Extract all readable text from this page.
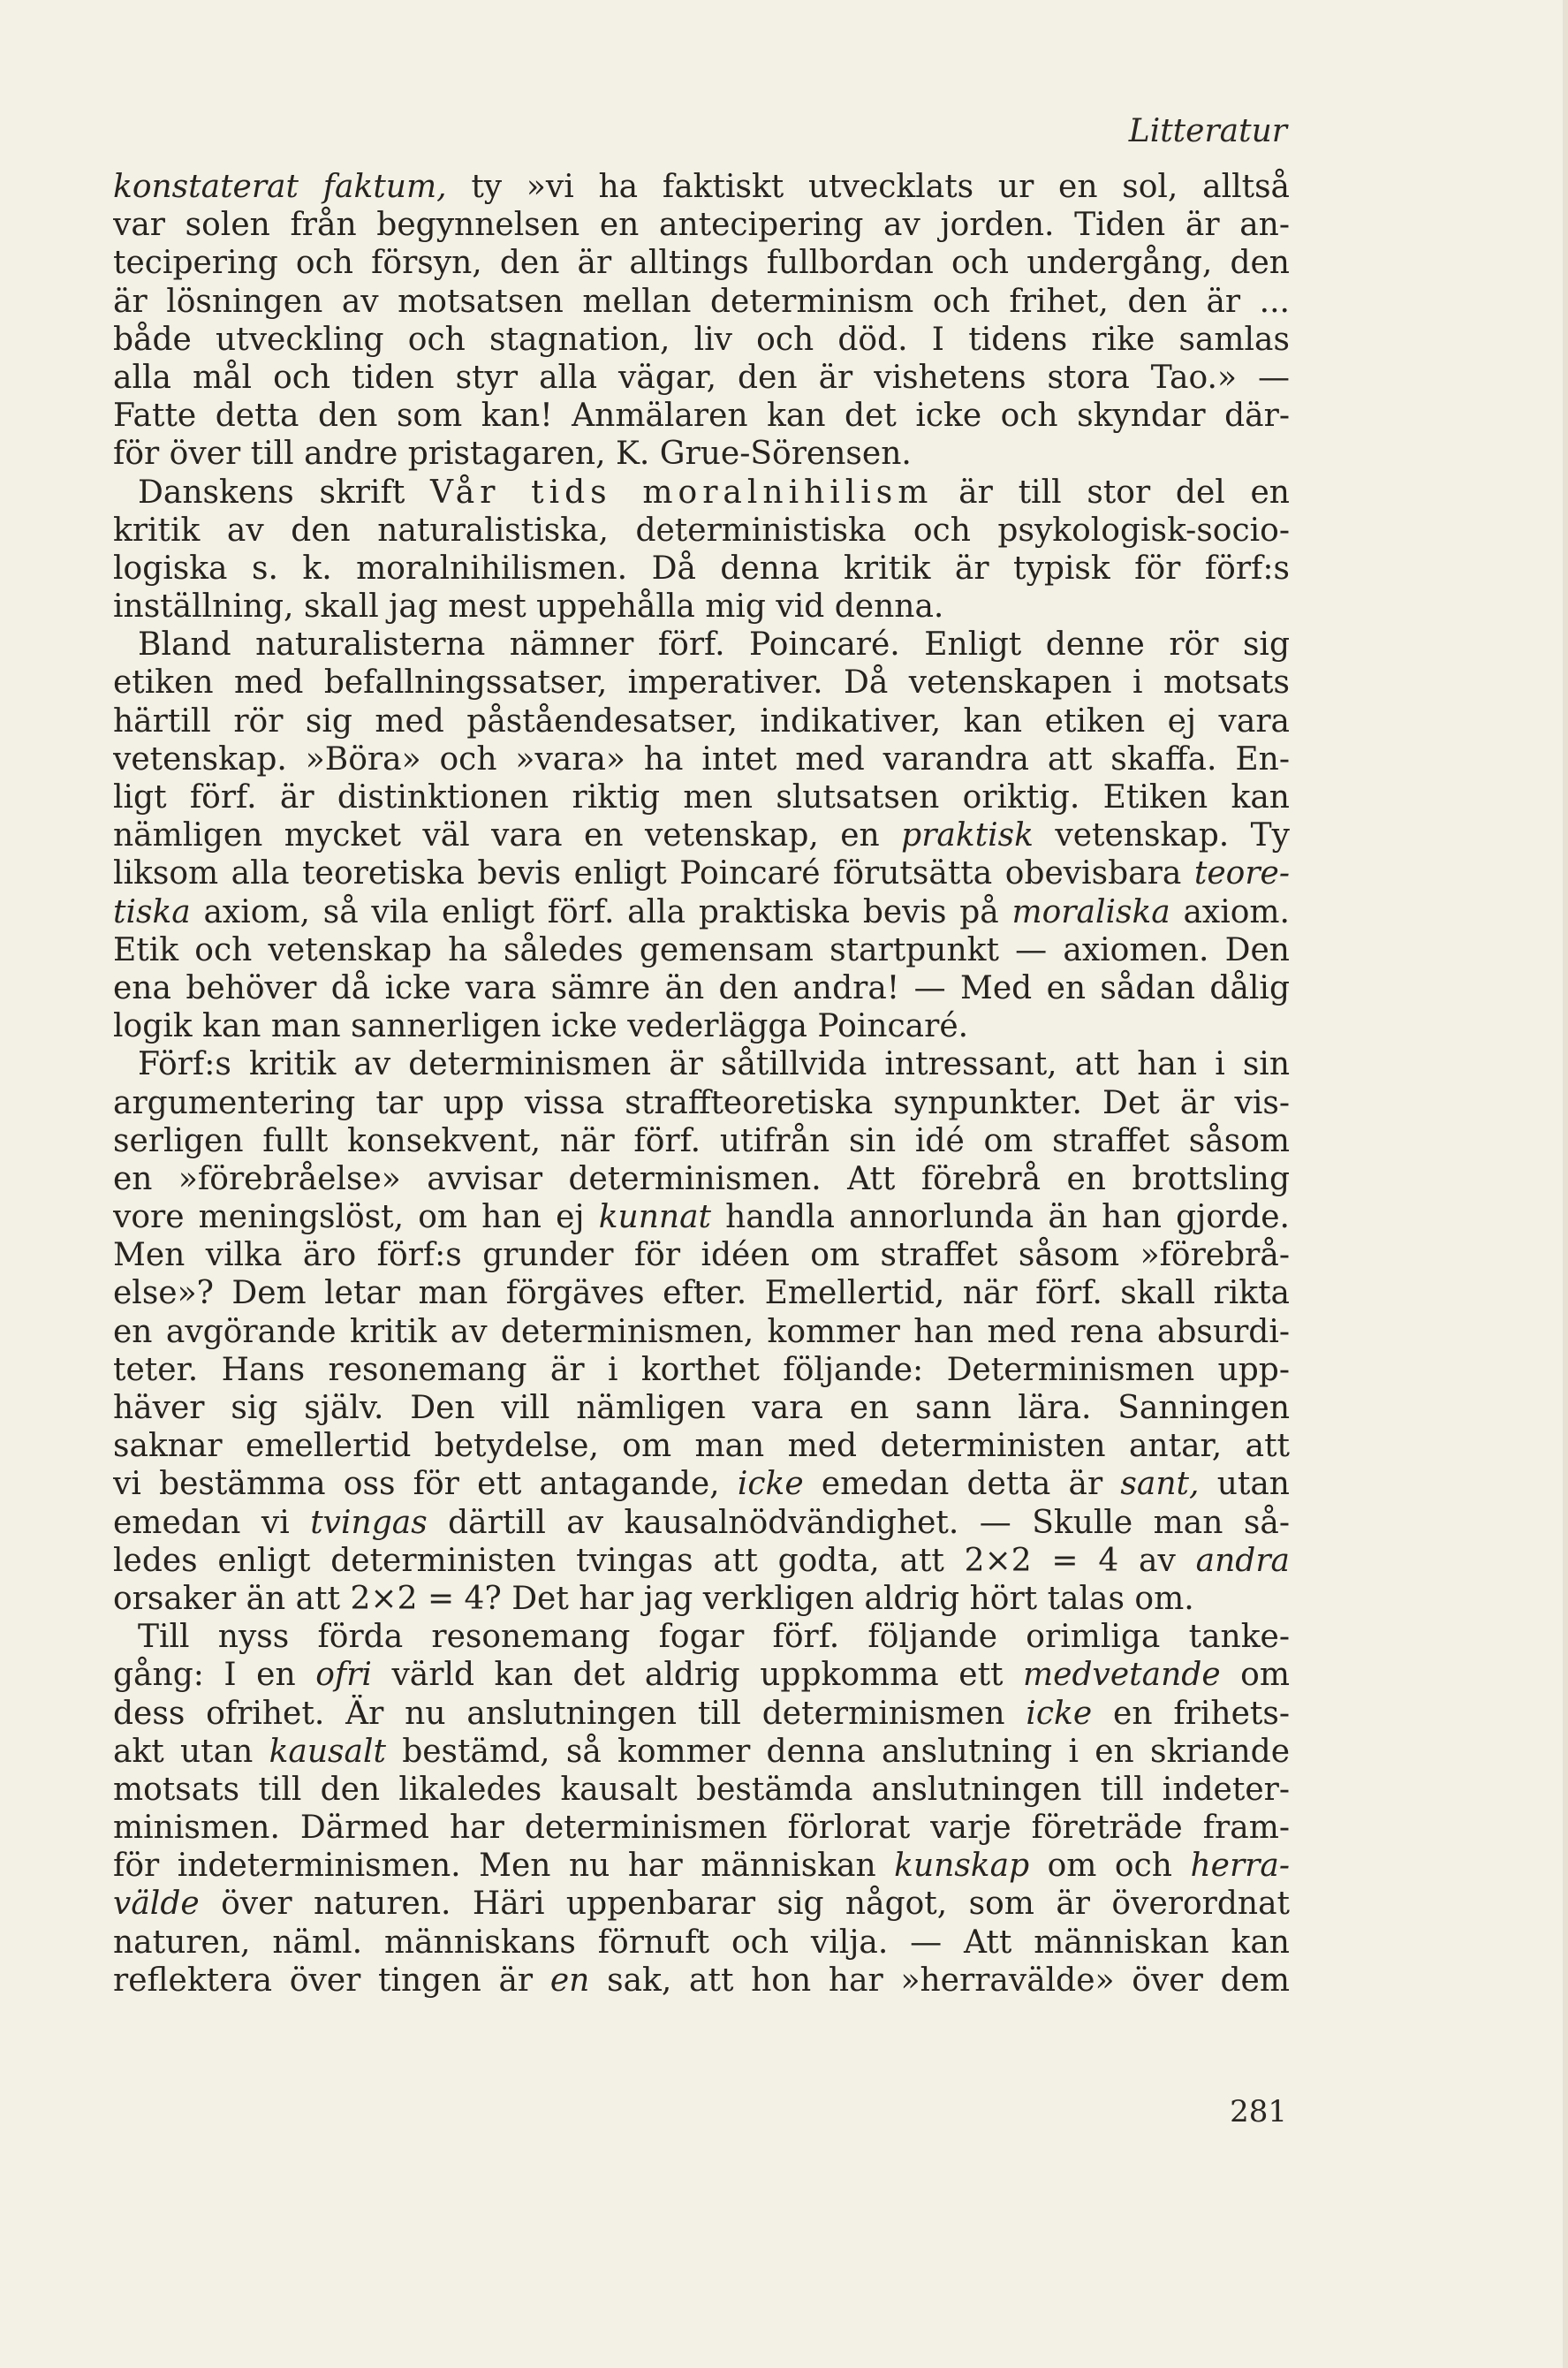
Litteratur

konstaterat faktum, ty »vi ha faktiskt utvecklats ur en sol, alltså
var solen från begynnelsen en antecipering av jorden. Tiden är an-
tecipering och försyn, den är alltings fullbordan och undergång, den
är lösningen av motsatsen mellan determinism och frihet, den är ...
både utveckling och stagnation, liv och död. I tidens rike samlas
alla mål och tiden styr alla vägar, den är vishetens stora Tao.» —
Fatte detta den som kan! Anmälaren kan det icke och skyndar där-
för över till andre pristagaren, K. Grue-Sörensen.
Danskens skrift Vår tids moralnihilism är till stor del en
kritik av den naturalistiska, deterministiska och psykologisk-socio-
logiska s. k. moralnihilismen. Då denna kritik är typisk för förf:s
inställning, skall jag mest uppehålla mig vid denna.
Bland naturalisterna nämner förf. Poincaré. Enligt denne rör sig
etiken med befallningssatser, imperativer. Då vetenskapen i motsats
härtill rör sig med påståendesatser, indikativer, kan etiken ej vara
vetenskap. »Böra» och »vara» ha intet med varandra att skaffa. En-
ligt förf. är distinktionen riktig men slutsatsen oriktig. Etiken kan
nämligen mycket väl vara en vetenskap, en praktisk vetenskap. Ty
liksom alla teoretiska bevis enligt Poincaré förutsätta obevisbara teore-
tiska axiom, så vila enligt förf. alla praktiska bevis på moraliska axiom.
Etik och vetenskap ha således gemensam startpunkt — axiomen. Den
ena behöver då icke vara sämre än den andra! — Med en sådan dålig
logik kan man sannerligen icke vederlägga Poincaré.
Förf:s kritik av determinismen är såtillvida intressant, att han i sin
argumentering tar upp vissa straffteoretiska synpunkter. Det är vis-
serligen fullt konsekvent, när förf. utifrån sin idé om straffet såsom
en »förebråelse» avvisar determinismen. Att förebrå en brottsling
vore meningslöst, om han ej kunnat handla annorlunda än han gjorde.
Men vilka äro förf:s grunder för idéen om straffet såsom »förebrå-
else»? Dem letar man förgäves efter. Emellertid, när förf. skall rikta
en avgörande kritik av determinismen, kommer han med rena absurdi-
teter. Hans resonemang är i korthet följande: Determinismen upp-
häver sig själv. Den vill nämligen vara en sann lära. Sanningen
saknar emellertid betydelse, om man med deterministen antar, att
vi bestämma oss för ett antagande, icke emedan detta är sant, utan
emedan vi tvingas därtill av kausalnödvändighet. — Skulle man så-
ledes enligt deterministen tvingas att godta, att 2×2 = 4 av andra
orsaker än att 2×2 = 4? Det har jag verkligen aldrig hört talas om.
Till nyss förda resonemang fogar förf. följande orimliga tanke-
gång: I en ofri värld kan det aldrig uppkomma ett medvetande om
dess ofrihet. Är nu anslutningen till determinismen icke en frihets-
akt utan kausalt bestämd, så kommer denna anslutning i en skriande
motsats till den likaledes kausalt bestämda anslutningen till indeter-
minismen. Därmed har determinismen förlorat varje företräde fram-
för indeterminismen. Men nu har människan kunskap om och herra-
välde över naturen. Häri uppenbarar sig något, som är överordnat
naturen, näml. människans förnuft och vilja. — Att människan kan
reflektera över tingen är en sak, att hon har »herravälde» över dem

281
